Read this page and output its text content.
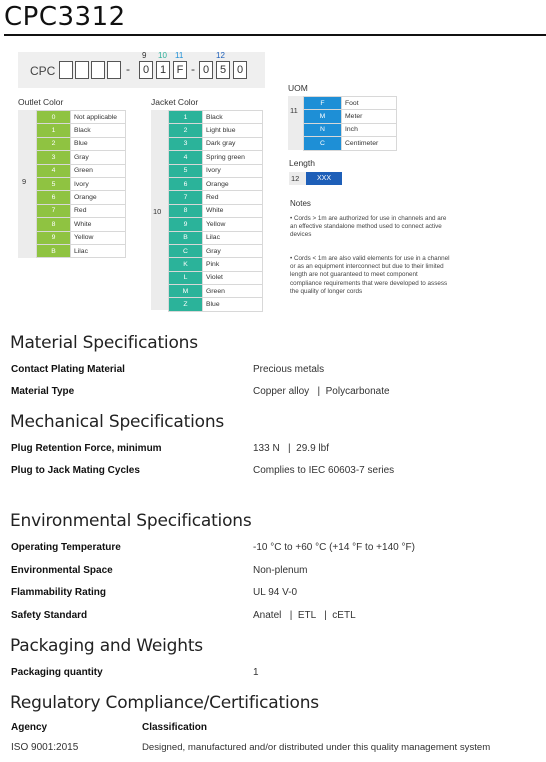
CPC3312
CPC	-
9 10 11	12
0 1 F - 0 5 0
Outlet Color
9
0	Not applicable
1	Black
2	Blue
3	Gray
4	Green
5	Ivory
6	Orange
7	Red
8	White
9	Yellow
B	Lilac
Jacket Color
10
1	Black
2	Light blue
3	Dark gray
4	Spring green
5	Ivory
6	Orange
7	Red
8	White
9	Yellow
B	Lilac
C	Gray
K	Pink
L	Violet
M	Green
Z	Blue
UOM
11
F	Foot
M	Meter
N	Inch
C	Centimeter
Length
12	XXX
Notes
• Cords > 1m are authorized for use in channels and are an effective standalone method used to connect active devices
• Cords < 1m are also valid elements for use in a channel or as an equipment interconnect but due to their limited length are not guaranteed to meet component compliance requirements that were developed to assess the quality of longer cords
Material Specifications
Contact Plating Material	Precious metals
Material Type	Copper alloy   |  Polycarbonate
Mechanical Specifications
Plug Retention Force, minimum	133 N   |  29.9 lbf
Plug to Jack Mating Cycles	Complies to IEC 60603-7 series
Environmental Specifications
Operating Temperature	-10 °C to +60 °C (+14 °F to +140 °F)
Environmental Space	Non-plenum
Flammability Rating	UL 94 V-0
Safety Standard	Anatel   |  ETL   |  cETL
Packaging and Weights
Packaging quantity	1
Regulatory Compliance/Certifications
Agency	Classification
ISO 9001:2015	Designed, manufactured and/or distributed under this quality management system
